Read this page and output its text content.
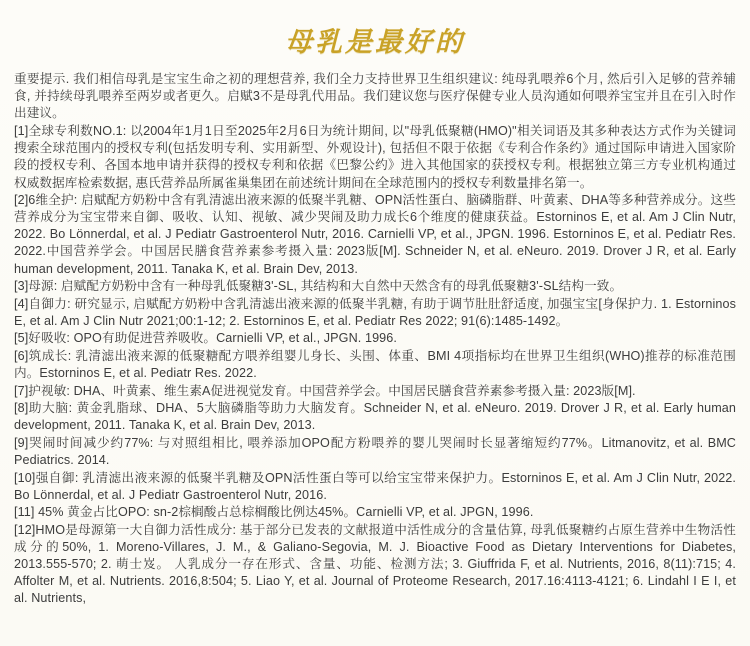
母乳是最好的

重要提示. 我们相信母乳是宝宝生命之初的理想营养, 我们全力支持世界卫生组织建议: 纯母乳喂养6个月, 然后引入足够的营养辅食, 并持续母乳喂养至两岁或者更久。启赋3不是母乳代用品。我们建议您与医疗保健专业人员沟通如何喂养宝宝并且在引入时作出建议。

[1]全球专利数NO.1: 以2004年1月1日至2025年2月6日为统计期间, 以"母乳低聚糖(HMO)"相关词语及其多种表达方式作为关键词搜索全球范围内的授权专利(包括发明专利、实用新型、外观设计), 包括但不限于依据《专利合作条约》通过国际申请进入国家阶段的授权专利、各国本地申请并获得的授权专利和依据《巴黎公约》进入其他国家的获授权专利。根据独立第三方专业机构通过权威数据库检索数据, 惠氏营养品所属雀巢集团在前述统计期间在全球范围内的授权专利数量排名第一。

[2]6维全护: 启赋配方奶粉中含有乳清滤出液来源的低聚半乳糖、OPN活性蛋白、脑磷脂群、叶黄素、DHA等多种营养成分。这些营养成分为宝宝带来自御、吸收、认知、视敏、减少哭闹及助力成长6个维度的健康获益。Estorninos E, et al. Am J Clin Nutr, 2022. Bo Lönnerdal, et al. J Pediatr Gastroenterol Nutr, 2016. Carnielli VP, et al., JPGN. 1996. Estorninos E, et al. Pediatr Res. 2022.中国营养学会。中国居民膳食营养素参考摄入量: 2023版[M]. Schneider N, et al. eNeuro. 2019. Drover J R, et al. Early human development, 2011. Tanaka K, et al. Brain Dev, 2013.

[3]母源: 启赋配方奶粉中含有一种母乳低聚糖3'-SL, 其结构和大自然中天然含有的母乳低聚糖3'-SL结构一致。

[4]自御力: 研究显示, 启赋配方奶粉中含乳清滤出液来源的低聚半乳糖, 有助于调节肚肚舒适度, 加强宝宝[身保护力. 1. Estorninos E, et al. Am J Clin Nutr 2021;00:1-12; 2. Estorninos E, et al. Pediatr Res 2022; 91(6):1485-1492。

[5]好吸收: OPO有助促进营养吸收。Carnielli VP, et al., JPGN. 1996.

[6]筑成长: 乳清滤出液来源的低聚糖配方喂养组婴儿身长、头围、体重、BMI 4项指标均在世界卫生组织(WHO)推荐的标准范围内。Estorninos E, et al. Pediatr Res. 2022.

[7]护视敏: DHA、叶黄素、维生素A促进视觉发育。中国营养学会。中国居民膳食营养素参考摄入量: 2023版[M].

[8]助大脑: 黄金乳脂球、DHA、5大脑磷脂等助力大脑发育。Schneider N, et al. eNeuro. 2019. Drover J R, et al. Early human development, 2011. Tanaka K, et al. Brain Dev, 2013.

[9]哭闹时间减少约77%: 与对照组相比, 喂养添加OPO配方粉喂养的婴儿哭闹时长显著缩短约77%。Litmanovitz, et al. BMC Pediatrics. 2014.

[10]强自御: 乳清滤出液来源的低聚半乳糖及OPN活性蛋白等可以给宝宝带来保护力。Estorninos E, et al. Am J Clin Nutr, 2022. Bo Lönnerdal, et al. J Pediatr Gastroenterol Nutr, 2016.

[11] 45% 黄金占比OPO: sn-2棕榈酸占总棕榈酸比例达45%。Carnielli VP, et al. JPGN, 1996.

[12]HMO是母源第一大自御力活性成分: 基于部分已发表的文献报道中活性成分的含量估算, 母乳低聚糖约占原生营养中生物活性成分的50%, 1. Moreno-Villares, J. M., & Galiano-Segovia, M. J. Bioactive Food as Dietary Interventions for Diabetes, 2013.555-570; 2. 萌士岌。 人乳成分一存在形式、含量、功能、检测方法; 3. Giuffrida F, et al. Nutrients, 2016, 8(11):715; 4. Affolter M, et al. Nutrients. 2016,8:504; 5. Liao Y, et al. Journal of Proteome Research, 2017.16:4113-4121; 6. Lindahl I E I, et al. Nutrients,
